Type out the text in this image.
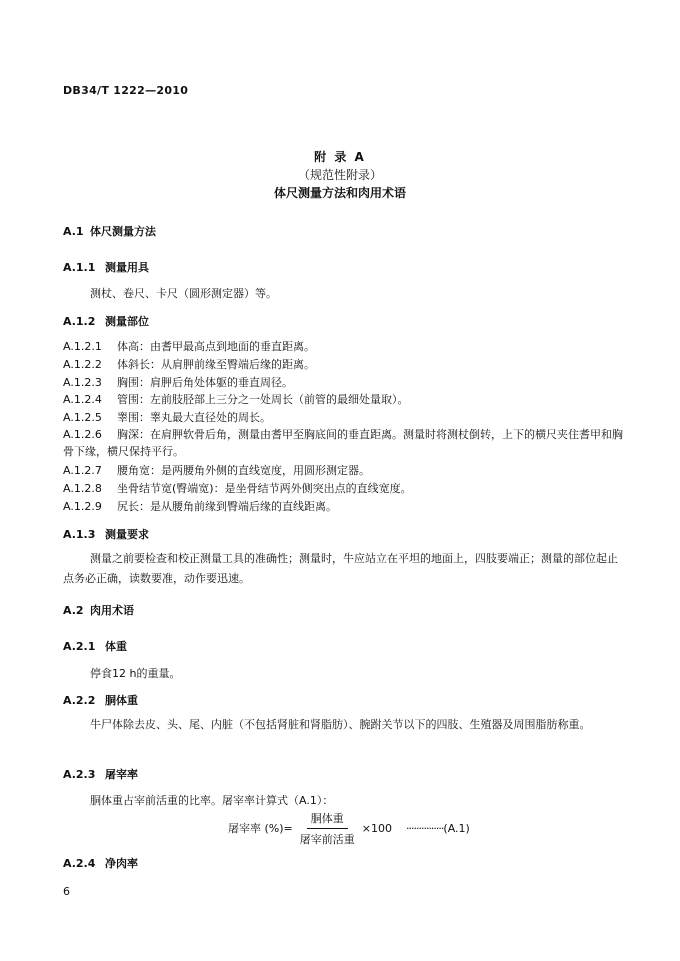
DB34/T 1222—2010
附 录 A
（规范性附录）
体尺测量方法和肉用术语
A.1 体尺测量方法
A.1.1 测量用具
测杖、卷尺、卡尺（圆形测定器）等。
A.1.2 测量部位
A.1.2.1 体高：由耆甲最高点到地面的垂直距离。
A.1.2.2 体斜长：从肩胛前缘至臀端后缘的距离。
A.1.2.3 胸围：肩胛后角处体躯的垂直周径。
A.1.2.4 管围：左前肢胫部上三分之一处周长（前管的最细处量取）。
A.1.2.5 睾围：睾丸最大直径处的周长。
A.1.2.6 胸深：在肩胛软骨后角，测量由耆甲至胸底间的垂直距离。测量时将测杖倒转，上下的横尺夹住耆甲和胸骨下缘，横尺保持平行。
A.1.2.7 腰角宽：是两腰角外侧的直线宽度，用圆形测定器。
A.1.2.8 坐骨结节宽(臀端宽)：是坐骨结节两外侧突出点的直线宽度。
A.1.2.9 尻长：是从腰角前缘到臀端后缘的直线距离。
A.1.3 测量要求
测量之前要检查和校正测量工具的准确性；测量时，牛应站立在平坦的地面上，四肢要端正；测量的部位起止点务必正确，读数要准，动作要迅速。
A.2 肉用术语
A.2.1 体重
停食12 h的重量。
A.2.2 胴体重
牛尸体除去皮、头、尾、内脏（不包括肾脏和肾脂肪）、腕跗关节以下的四肢、生殖器及周围脂肪称重。
A.2.3 屠宰率
胴体重占宰前活重的比率。屠宰率计算式（A.1）：
屠宰率 (%)= $\frac{\text{胴体重}}{\text{屠宰前活重}} \times 100$ ··············· (A.1)
A.2.4 净肉率
6
